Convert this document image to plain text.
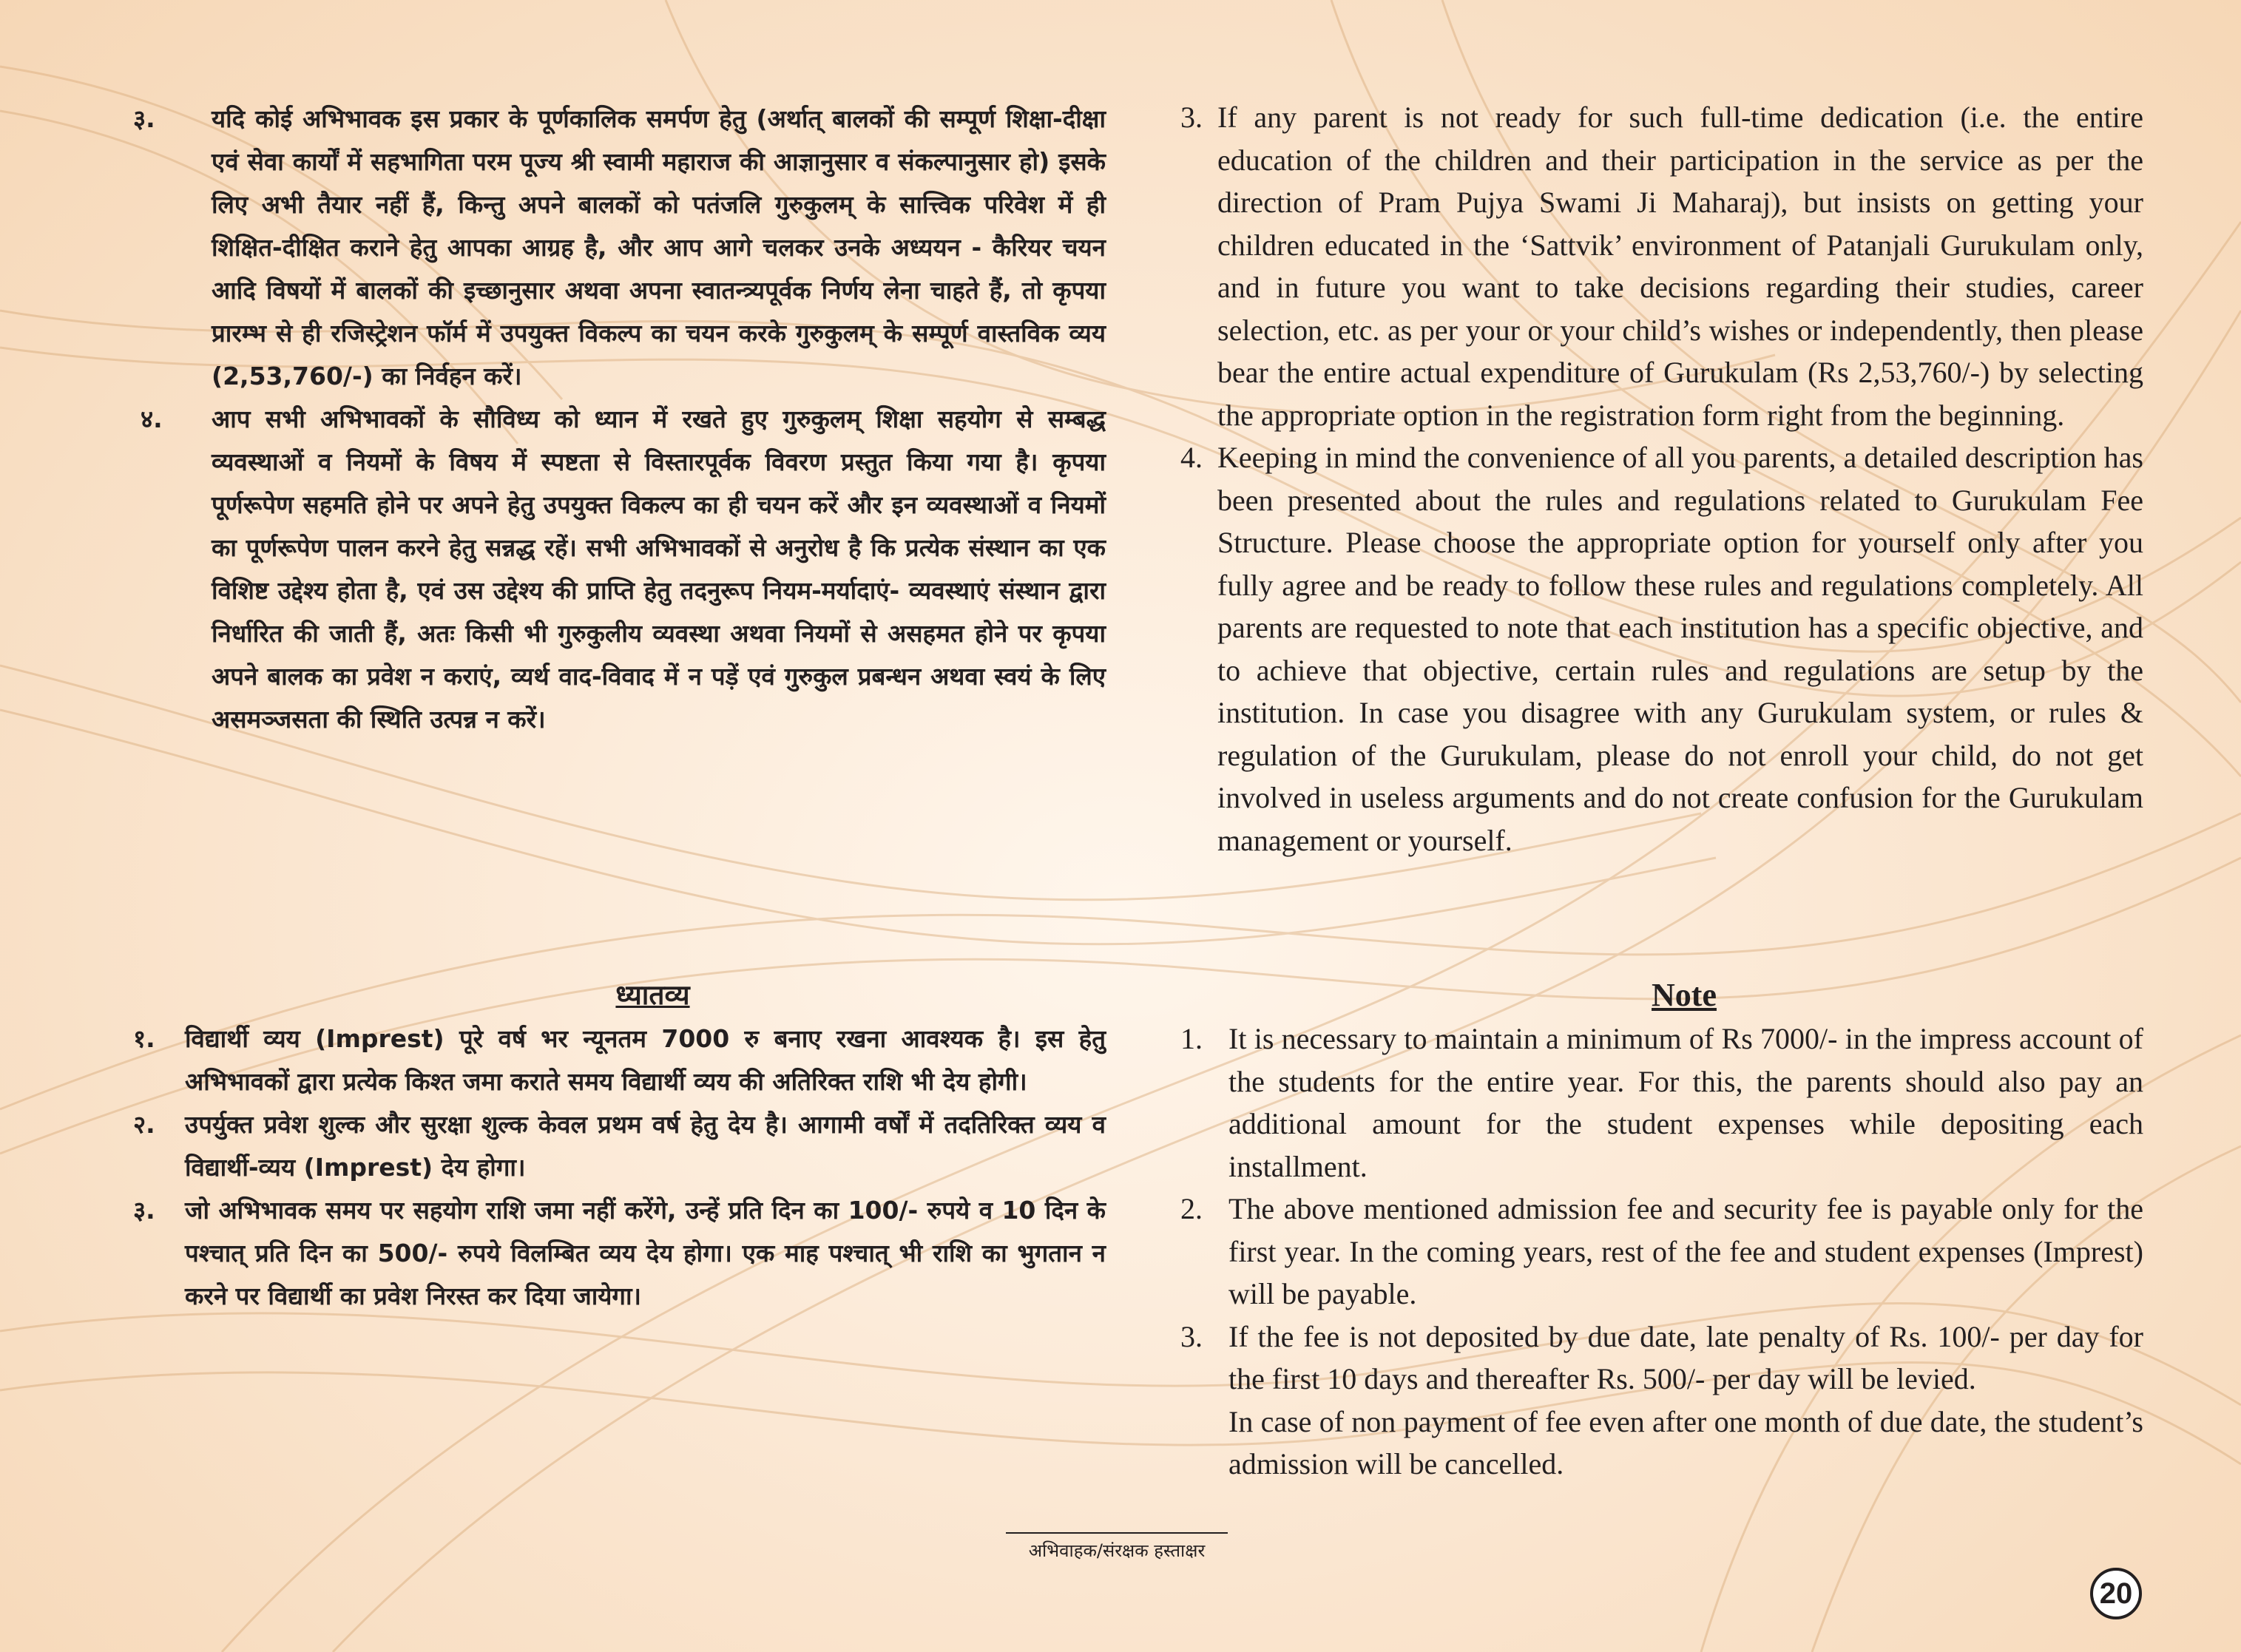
३. यदि कोई अभिभावक इस प्रकार के पूर्णकालिक समर्पण हेतु (अर्थात् बालकों की सम्पूर्ण शिक्षा-दीक्षा एवं सेवा कार्यों में सहभागिता परम पूज्य श्री स्वामी महाराज की आज्ञानुसार व संकल्पानुसार हो) इसके लिए अभी तैयार नहीं हैं, किन्तु अपने बालकों को पतंजलि गुरुकुलम् के सात्त्विक परिवेश में ही शिक्षित-दीक्षित कराने हेतु आपका आग्रह है, और आप आगे चलकर उनके अध्ययन - कैरियर चयन आदि विषयों में बालकों की इच्छानुसार अथवा अपना स्वातन्त्र्यपूर्वक निर्णय लेना चाहते हैं, तो कृपया प्रारम्भ से ही रजिस्ट्रेशन फॉर्म में उपयुक्त विकल्प का चयन करके गुरुकुलम् के सम्पूर्ण वास्तविक व्यय (2,53,760/-) का निर्वहन करें।
४. आप सभी अभिभावकों के सौविध्य को ध्यान में रखते हुए गुरुकुलम् शिक्षा सहयोग से सम्बद्ध व्यवस्थाओं व नियमों के विषय में स्पष्टता से विस्तारपूर्वक विवरण प्रस्तुत किया गया है। कृपया पूर्णरूपेण सहमति होने पर अपने हेतु उपयुक्त विकल्प का ही चयन करें और इन व्यवस्थाओं व नियमों का पूर्णरूपेण पालन करने हेतु सन्नद्ध रहें। सभी अभिभावकों से अनुरोध है कि प्रत्येक संस्थान का एक विशिष्ट उद्देश्य होता है, एवं उस उद्देश्य की प्राप्ति हेतु तदनुरूप नियम-मर्यादाएं- व्यवस्थाएं संस्थान द्वारा निर्धारित की जाती हैं, अतः किसी भी गुरुकुलीय व्यवस्था अथवा नियमों से असहमत होने पर कृपया अपने बालक का प्रवेश न कराएं, व्यर्थ वाद-विवाद में न पड़ें एवं गुरुकुल प्रबन्धन अथवा स्वयं के लिए असमञ्जसता की स्थिति उत्पन्न न करें।
3. If any parent is not ready for such full-time dedication (i.e. the entire education of the children and their participation in the service as per the direction of Pram Pujya Swami Ji Maharaj), but insists on getting your children educated in the ‘Sattvik’ environment of Patanjali Gurukulam only, and in future you want to take decisions regarding their studies, career selection, etc. as per your or your child’s wishes or independently, then please bear the entire actual expenditure of Gurukulam (Rs 2,53,760/-) by selecting the appropriate option in the registration form right from the beginning.
4. Keeping in mind the convenience of all you parents, a detailed description has been presented about the rules and regulations related to Gurukulam Fee Structure. Please choose the appropriate option for yourself only after you fully agree and be ready to follow these rules and regulations completely. All parents are requested to note that each institution has a specific objective, and to achieve that objective, certain rules and regulations are setup by the institution. In case you disagree with any Gurukulam system, or rules & regulation of the Gurukulam, please do not enroll your child, do not get involved in useless arguments and do not create confusion for the Gurukulam management or yourself.
ध्यातव्य
१. विद्यार्थी व्यय (Imprest) पूरे वर्ष भर न्यूनतम 7000 रु बनाए रखना आवश्यक है। इस हेतु अभिभावकों द्वारा प्रत्येक किश्त जमा कराते समय विद्यार्थी व्यय की अतिरिक्त राशि भी देय होगी।
२. उपर्युक्त प्रवेश शुल्क और सुरक्षा शुल्क केवल प्रथम वर्ष हेतु देय है। आगामी वर्षों में तदतिरिक्त व्यय व विद्यार्थी-व्यय (Imprest) देय होगा।
३. जो अभिभावक समय पर सहयोग राशि जमा नहीं करेंगे, उन्हें प्रति दिन का 100/- रुपये व 10 दिन के पश्चात् प्रति दिन का 500/- रुपये विलम्बित व्यय देय होगा। एक माह पश्चात् भी राशि का भुगतान न करने पर विद्यार्थी का प्रवेश निरस्त कर दिया जायेगा।
Note
1. It is necessary to maintain a minimum of Rs 7000/- in the impress account of the students for the entire year. For this, the parents should also pay an additional amount for the student expenses while depositing each installment.
2. The above mentioned admission fee and security fee is payable only for the first year. In the coming years, rest of the fee and student expenses (Imprest) will be payable.
3. If the fee is not deposited by due date, late penalty of Rs. 100/- per day for the first 10 days and thereafter Rs. 500/- per day will be levied.
In case of non payment of fee even after one month of due date, the student’s admission will be cancelled.
अभिवाहक/संरक्षक हस्ताक्षर
20
